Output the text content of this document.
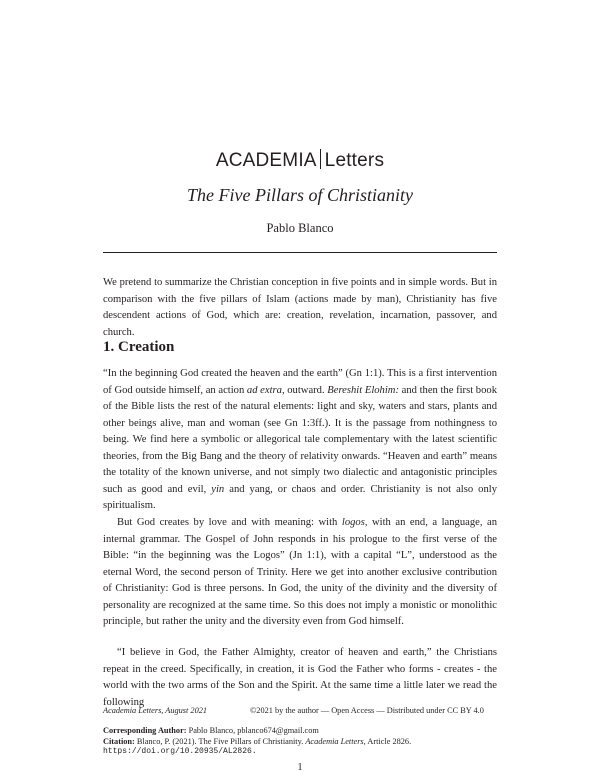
ACADEMIA Letters
The Five Pillars of Christianity
Pablo Blanco

We pretend to summarize the Christian conception in five points and in simple words. But in comparison with the five pillars of Islam (actions made by man), Christianity has five descendent actions of God, which are: creation, revelation, incarnation, passover, and church.

1. Creation

“In the beginning God created the heaven and the earth” (Gn 1:1). This is a first intervention of God outside himself, an action ad extra, outward. Bereshit Elohim: and then the first book of the Bible lists the rest of the natural elements: light and sky, waters and stars, plants and other beings alive, man and woman (see Gn 1:3ff.). It is the passage from nothingness to being. We find here a symbolic or allegorical tale complementary with the latest scientific theories, from the Big Bang and the theory of relativity onwards. “Heaven and earth” means the totality of the known universe, and not simply two dialectic and antagonistic principles such as good and evil, yin and yang, or chaos and order. Christianity is not also only spiritualism.

But God creates by love and with meaning: with logos, with an end, a language, an internal grammar. The Gospel of John responds in his prologue to the first verse of the Bible: “in the beginning was the Logos” (Jn 1:1), with a capital “L”, understood as the eternal Word, the second person of Trinity. Here we get into another exclusive contribution of Christianity: God is three persons. In God, the unity of the divinity and the diversity of personality are recognized at the same time. So this does not imply a monistic or monolithic principle, but rather the unity and the diversity even from God himself.

“I believe in God, the Father Almighty, creator of heaven and earth,” the Christians repeat in the creed. Specifically, in creation, it is God the Father who forms - creates - the world with the two arms of the Son and the Spirit. At the same time a little later we read the following

Academia Letters, August 2021	©2021 by the author — Open Access — Distributed under CC BY 4.0
Corresponding Author: Pablo Blanco, pblanco674@gmail.com
Citation: Blanco, P. (2021). The Five Pillars of Christianity. Academia Letters, Article 2826.
https://doi.org/10.20935/AL2826.
1
